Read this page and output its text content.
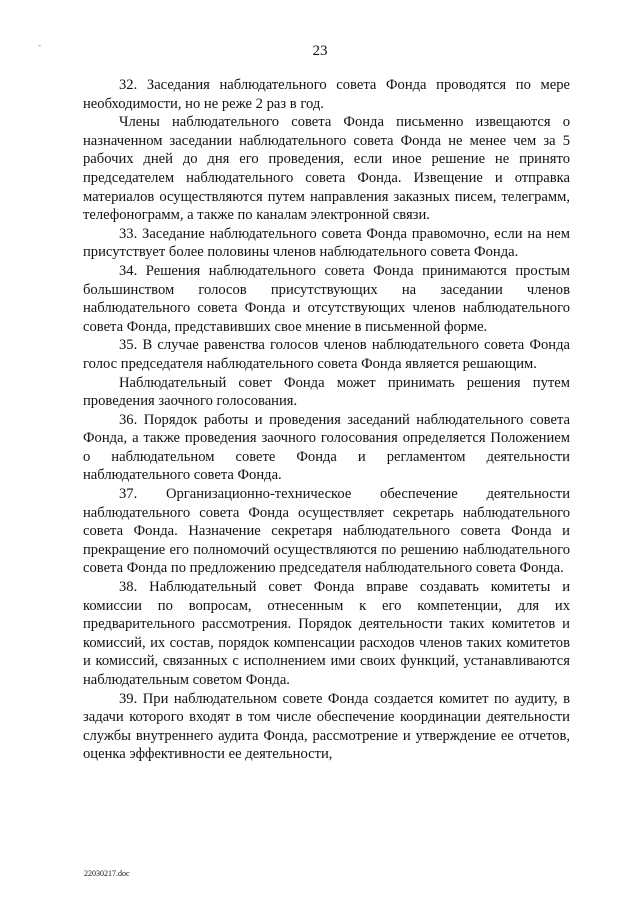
-	23

32. Заседания наблюдательного совета Фонда проводятся по мере необходимости, но не реже 2 раз в год.

Члены наблюдательного совета Фонда письменно извещаются о назначенном заседании наблюдательного совета Фонда не менее чем за 5 рабочих дней до дня его проведения, если иное решение не принято председателем наблюдательного совета Фонда. Извещение и отправка материалов осуществляются путем направления заказных писем, телеграмм, телефонограмм, а также по каналам электронной связи.

33. Заседание наблюдательного совета Фонда правомочно, если на нем присутствует более половины членов наблюдательного совета Фонда.

34. Решения наблюдательного совета Фонда принимаются простым большинством голосов присутствующих на заседании членов наблюдательного совета Фонда и отсутствующих членов наблюдательного совета Фонда, представивших свое мнение в письменной форме.

35. В случае равенства голосов членов наблюдательного совета Фонда голос председателя наблюдательного совета Фонда является решающим.

Наблюдательный совет Фонда может принимать решения путем проведения заочного голосования.

36. Порядок работы и проведения заседаний наблюдательного совета Фонда, а также проведения заочного голосования определяется Положением о наблюдательном совете Фонда и регламентом деятельности наблюдательного совета Фонда.

37. Организационно-техническое обеспечение деятельности наблюдательного совета Фонда осуществляет секретарь наблюдательного совета Фонда. Назначение секретаря наблюдательного совета Фонда и прекращение его полномочий осуществляются по решению наблюдательного совета Фонда по предложению председателя наблюдательного совета Фонда.

38. Наблюдательный совет Фонда вправе создавать комитеты и комиссии по вопросам, отнесенным к его компетенции, для их предварительного рассмотрения. Порядок деятельности таких комитетов и комиссий, их состав, порядок компенсации расходов членов таких комитетов и комиссий, связанных с исполнением ими своих функций, устанавливаются наблюдательным советом Фонда.

39. При наблюдательном совете Фонда создается комитет по аудиту, в задачи которого входят в том числе обеспечение координации деятельности службы внутреннего аудита Фонда, рассмотрение и утверждение ее отчетов, оценка эффективности ее деятельности,

22030217.doc
